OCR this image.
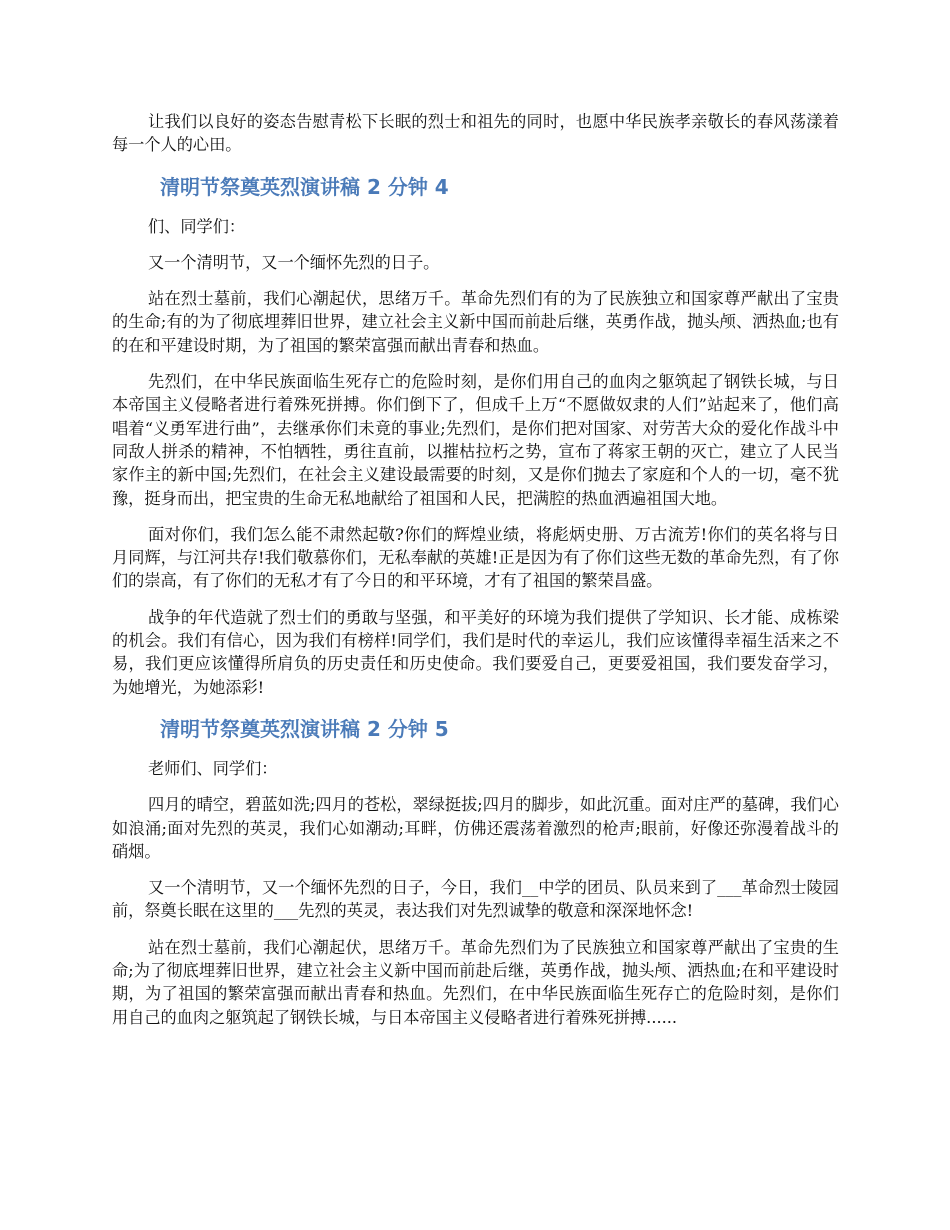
让我们以良好的姿态告慰青松下长眠的烈士和祖先的同时，也愿中华民族孝亲敬长的春风荡漾着每一个人的心田。

清明节祭奠英烈演讲稿 2 分钟 4

们、同学们：

又一个清明节，又一个缅怀先烈的日子。

站在烈士墓前，我们心潮起伏，思绪万千。革命先烈们有的为了民族独立和国家尊严献出了宝贵的生命;有的为了彻底埋葬旧世界，建立社会主义新中国而前赴后继，英勇作战，抛头颅、洒热血;也有的在和平建设时期，为了祖国的繁荣富强而献出青春和热血。

先烈们，在中华民族面临生死存亡的危险时刻，是你们用自己的血肉之躯筑起了钢铁长城，与日本帝国主义侵略者进行着殊死拼搏。你们倒下了，但成千上万“不愿做奴隶的人们”站起来了，他们高唱着“义勇军进行曲”，去继承你们未竟的事业;先烈们，是你们把对国家、对劳苦大众的爱化作战斗中同敌人拼杀的精神，不怕牺牲，勇往直前，以摧枯拉朽之势，宣布了蒋家王朝的灭亡，建立了人民当家作主的新中国;先烈们，在社会主义建设最需要的时刻，又是你们抛去了家庭和个人的一切，毫不犹豫，挺身而出，把宝贵的生命无私地献给了祖国和人民，把满腔的热血洒遍祖国大地。

面对你们，我们怎么能不肃然起敬?你们的辉煌业绩，将彪炳史册、万古流芳!你们的英名将与日月同辉，与江河共存!我们敬慕你们，无私奉献的英雄!正是因为有了你们这些无数的革命先烈，有了你们的崇高，有了你们的无私才有了今日的和平环境，才有了祖国的繁荣昌盛。

战争的年代造就了烈士们的勇敢与坚强，和平美好的环境为我们提供了学知识、长才能、成栋梁的机会。我们有信心，因为我们有榜样!同学们，我们是时代的幸运儿，我们应该懂得幸福生活来之不易，我们更应该懂得所肩负的历史责任和历史使命。我们要爱自己，更要爱祖国，我们要发奋学习，为她增光，为她添彩!

清明节祭奠英烈演讲稿 2 分钟 5

老师们、同学们：

四月的晴空，碧蓝如洗;四月的苍松，翠绿挺拔;四月的脚步，如此沉重。面对庄严的墓碑，我们心如浪涌;面对先烈的英灵，我们心如潮动;耳畔，仿佛还震荡着激烈的枪声;眼前，好像还弥漫着战斗的硝烟。

又一个清明节，又一个缅怀先烈的日子，今日，我们__中学的团员、队员来到了___革命烈士陵园前，祭奠长眠在这里的___先烈的英灵，表达我们对先烈诚挚的敬意和深深地怀念!

站在烈士墓前，我们心潮起伏，思绪万千。革命先烈们为了民族独立和国家尊严献出了宝贵的生命;为了彻底埋葬旧世界，建立社会主义新中国而前赴后继，英勇作战，抛头颅、洒热血;在和平建设时期，为了祖国的繁荣富强而献出青春和热血。先烈们，在中华民族面临生死存亡的危险时刻，是你们用自己的血肉之躯筑起了钢铁长城，与日本帝国主义侵略者进行着殊死拼搏......
